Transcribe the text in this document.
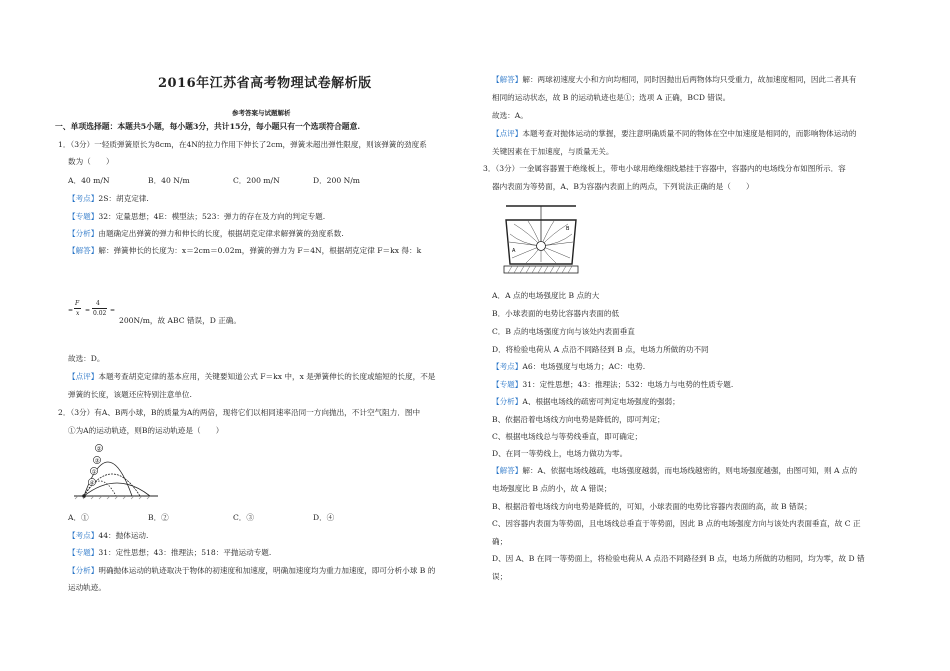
2016年江苏省高考物理试卷解析版
参考答案与试题解析
一、单项选择题：本题共5小题，每小题3分，共计15分，每小题只有一个选项符合题意.
1．（3分）一轻质弹簧原长为8cm，在4N的拉力作用下伸长了2cm，弹簧未超出弹性限度，则该弹簧的劲度系
数为（　　）
A．40 m/N	B．40 N/m	C．200 m/N	D．200 N/m
【考点】2S：胡克定律.
【专题】32：定量思想；4E：模型法；523：弹力的存在及方向的判定专题.
【分析】由题确定出弹簧的弹力和伸长的长度，根据胡克定律求解弹簧的劲度系数.
【解答】解：弹簧伸长的长度为：x＝2cm＝0.02m，弹簧的弹力为 F＝4N，根据胡克定律 F＝kx 得：k
=
F
x =
4
0.02 =
200N/m，故 ABC 错误，D 正确。
故选：D。
【点评】本题考查胡克定律的基本应用，关键要知道公式 F＝kx 中，x 是弹簧伸长的长度或缩短的长度，不是
弹簧的长度，该题还应特别注意单位.
2．（3分）有A、B两小球，B的质量为A的两倍，现将它们以相同速率沿同一方向抛出，不计空气阻力．图中
①为A的运动轨迹，则B的运动轨迹是（　　）
②
③
①
④
A．①	B．②	C．③	D．④
【考点】44：抛体运动.
【专题】31：定性思想；43：推理法；518：平抛运动专题.
【分析】明确抛体运动的轨迹取决于物体的初速度和加速度，明确加速度均为重力加速度，即可分析小球 B 的
运动轨迹。
【解答】解：两球初速度大小和方向均相同，同时因抛出后两物体均只受重力，故加速度相同，因此二者具有
相同的运动状态，故 B 的运动轨迹也是①；选项 A 正确，BCD 错误。
故选：A。
【点评】本题考查对抛体运动的掌握，要注意明确质量不同的物体在空中加速度是相同的，而影响物体运动的
关键因素在于加速度，与质量无关。
3．（3分）一金属容器置于绝缘板上，带电小球用绝缘细线悬挂于容器中，容器内的电场线分布如图所示．容
器内表面为等势面，A、B为容器内表面上的两点，下列说法正确的是（　　）
A
B
A．A 点的电场强度比 B 点的大
B．小球表面的电势比容器内表面的低
C．B 点的电场强度方向与该处内表面垂直
D．将检验电荷从 A 点沿不同路径到 B 点，电场力所做的功不同
【考点】A6：电场强度与电场力；AC：电势.
【专题】31：定性思想；43：推理法；532：电场力与电势的性质专题.
【分析】A、根据电场线的疏密可判定电场强度的强弱；
B、依据沿着电场线方向电势是降低的，即可判定；
C、根据电场线总与等势线垂直，即可确定；
D、在同一等势线上，电场力做功为零。
【解答】解：A、依据电场线越疏，电场强度越弱，而电场线越密的，则电场强度越强，由图可知，则 A 点的
电场强度比 B 点的小，故 A 错误；
B、根据沿着电场线方向电势是降低的，可知，小球表面的电势比容器内表面的高，故 B 错误；
C、因容器内表面为等势面，且电场线总垂直于等势面，因此 B 点的电场强度方向与该处内表面垂直，故 C 正
确；
D、因 A、B 在同一等势面上，将检验电荷从 A 点沿不同路径到 B 点，电场力所做的功相同，均为零，故 D 错
误；
